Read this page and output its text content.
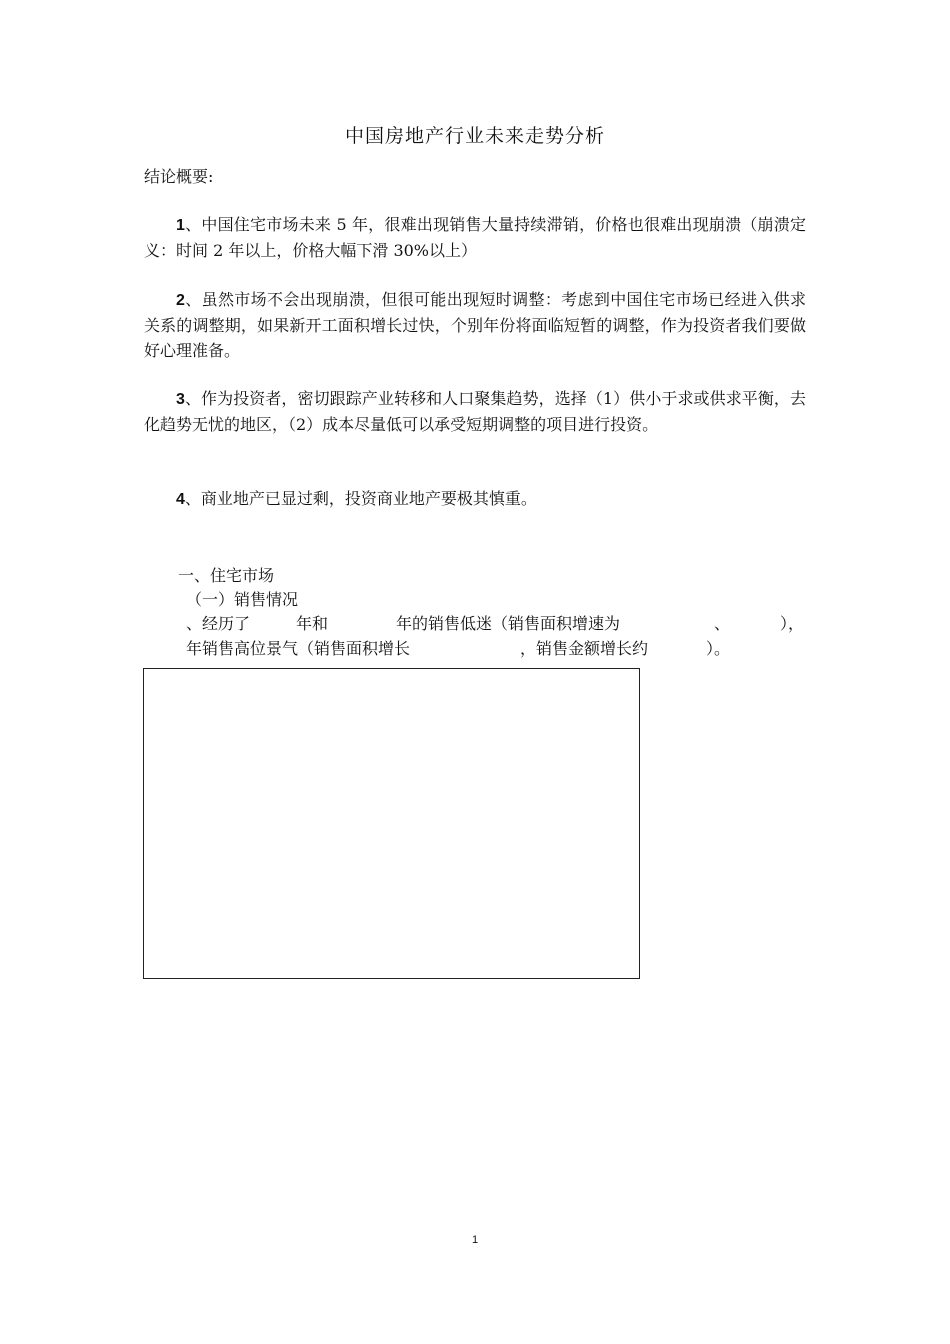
中国房地产行业未来走势分析
结论概要:

1、中国住宅市场未来 5 年，很难出现销售大量持续滞销，价格也很难出现崩溃（崩溃定义：时间 2 年以上，价格大幅下滑 30%以上）

2、虽然市场不会出现崩溃，但很可能出现短时调整：考虑到中国住宅市场已经进入供求关系的调整期，如果新开工面积增长过快，个别年份将面临短暂的调整，作为投资者我们要做好心理准备。

3、作为投资者，密切跟踪产业转移和人口聚集趋势，选择（1）供小于求或供求平衡，去化趋势无忧的地区，（2）成本尽量低可以承受短期调整的项目进行投资。

4、商业地产已显过剩，投资商业地产要极其慎重。

一、住宅市场
（一）销售情况
、经历了	年和	年的销售低迷（销售面积增速为	、	），
年销售高位景气（销售面积增长	，销售金额增长约	）。
1
